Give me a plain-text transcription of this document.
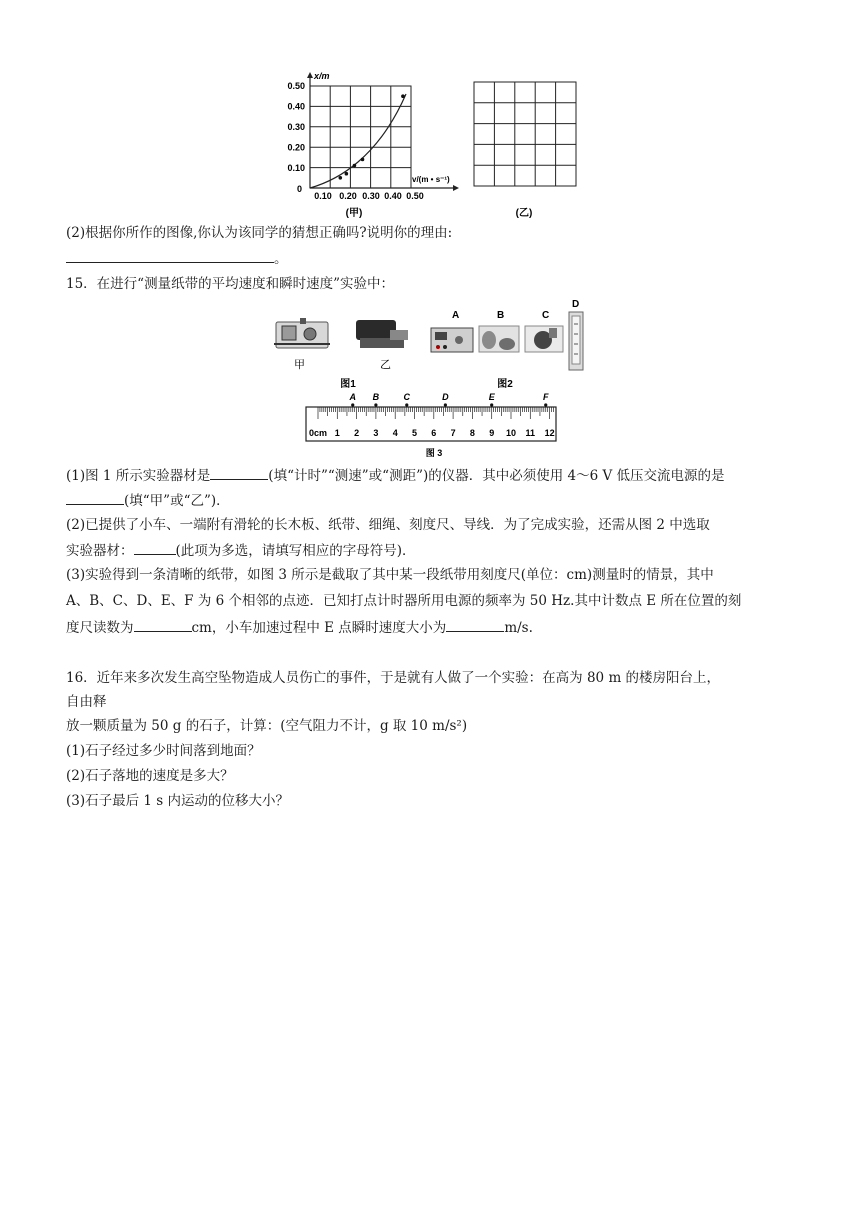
x/m
v/(m • s⁻¹)
0.50
0.40
0.30
0.20
0.10
0
0.10 0.20 0.30 0.40 0.50
(甲)	(乙)
(2)根据你所作的图像,你认为该同学的猜想正确吗?说明你的理由:
。
15．在进行“测量纸带的平均速度和瞬时速度”实验中：
甲	乙
图1
A	B	C
D
图2
A B	C	D	E	F
0cm 1 2 3 4 5 6 7 8 9 10 11 12
图 3
(1)图 1 所示实验器材是	(填“计时”“测速”或“测距”)的仪器．其中必须使用 4～6 V 低压交流电源的是
(填“甲”或“乙”)．
(2)已提供了小车、一端附有滑轮的长木板、纸带、细绳、刻度尺、导线．为了完成实验，还需从图 2 中选取
实验器材：	(此项为多选，请填写相应的字母符号)．
(3)实验得到一条清晰的纸带，如图 3 所示是截取了其中某一段纸带用刻度尺(单位：cm)测量时的情景，其中
A、B、C、D、E、F 为 6 个相邻的点迹．已知打点计时器所用电源的频率为 50 Hz.其中计数点 E 所在位置的刻
度尺读数为	cm，小车加速过程中 E 点瞬时速度大小为	m/s.
16．近年来多次发生高空坠物造成人员伤亡的事件，于是就有人做了一个实验：在高为 80 m 的楼房阳台上，
自由释
放一颗质量为 50 g 的石子，计算：(空气阻力不计，g 取 10 m/s²)
(1)石子经过多少时间落到地面？
(2)石子落地的速度是多大？
(3)石子最后 1 s 内运动的位移大小？
